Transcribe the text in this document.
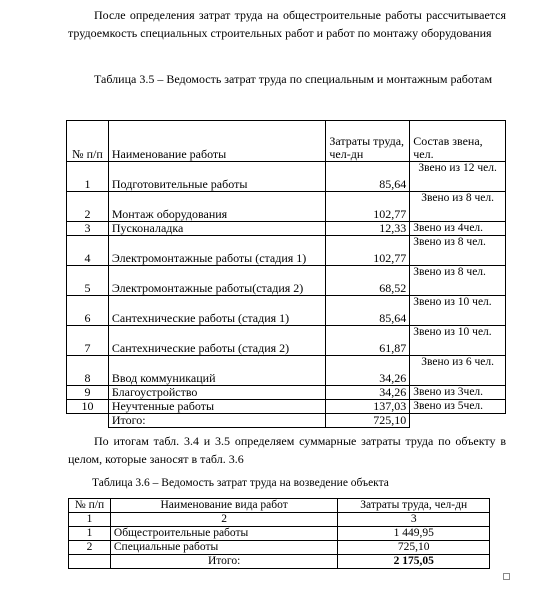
После определения затрат труда на общестроительные работы рассчитывается трудоемкость специальных строительных работ и работ по монтажу оборудования

Таблица 3.5 – Ведомость затрат труда по специальным и монтажным работам

№ п/п	Наименование работы	Затраты труда, чел-дн	Состав звена, чел.
1	Подготовительные работы	85,64	Звено из 12 чел.
2	Монтаж оборудования	102,77	Звено из 8 чел.
3	Пусконаладка	12,33	Звено из 4чел.
4	Электромонтажные работы (стадия 1)	102,77	Звено из 8 чел.
5	Электромонтажные работы(стадия 2)	68,52	Звено из 8 чел.
6	Сантехнические работы (стадия 1)	85,64	Звено из 10 чел.
7	Сантехнические работы (стадия 2)	61,87	Звено из 10 чел.
8	Ввод коммуникаций	34,26	Звено из 6 чел.
9	Благоустройство	34,26	Звено из 3чел.
10	Неучтенные работы	137,03	Звено из 5чел.
	Итого:	725,10	

По итогам табл. 3.4 и 3.5 определяем суммарные затраты труда по объекту в целом, которые заносят в табл. 3.6

Таблица 3.6 – Ведомость затрат труда на возведение объекта

№ п/п	Наименование вида работ	Затраты труда, чел-дн
1	2	3
1	Общестроительные работы	1 449,95
2	Специальные работы	725,10
	Итого:	2 175,05
